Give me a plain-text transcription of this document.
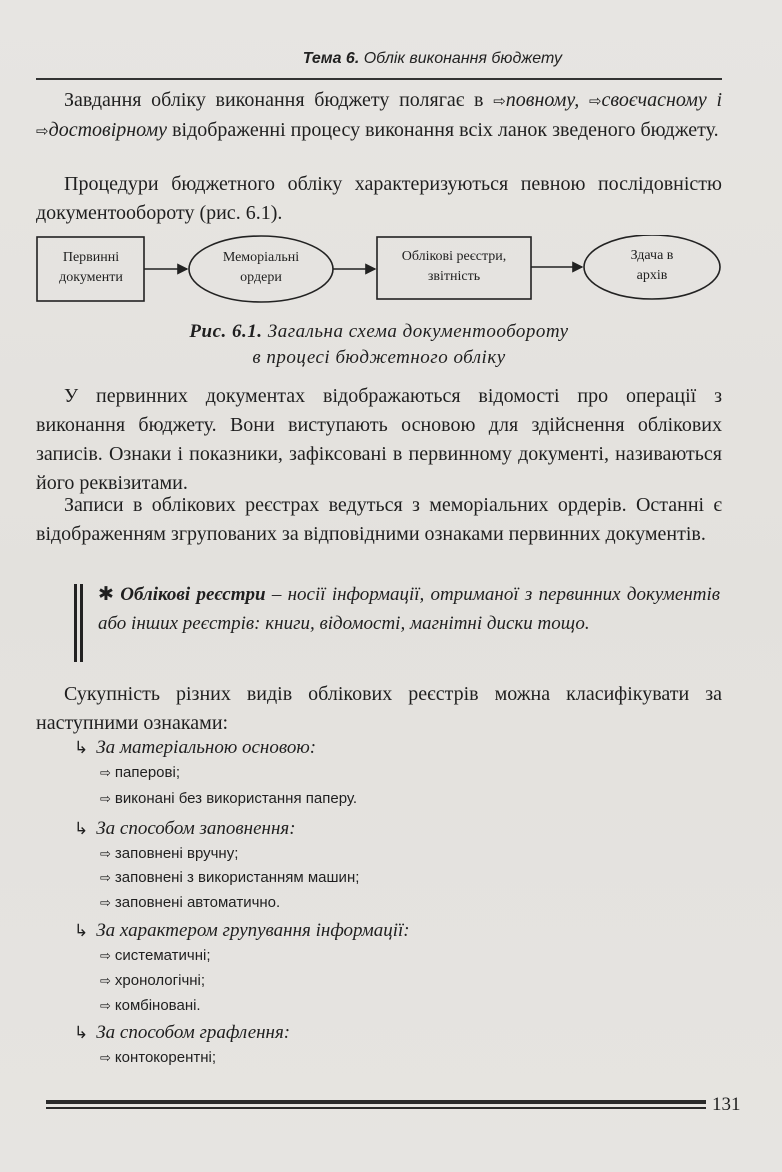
Тема 6. Облік виконання бюджету

Завдання обліку виконання бюджету полягає в ⇨повному, ⇨своєчасному і ⇨достовірному відображенні процесу виконання всіх ланок зведеного бюджету.

Процедури бюджетного обліку характеризуються певною послідовністю документообороту (рис. 6.1).

Первинні документи
Меморіальні ордери
Облікові реєстри, звітність
Здача в архів
Рис. 6.1. Загальна схема документообороту
в процесі бюджетного обліку

У первинних документах відображаються відомості про операції з виконання бюджету. Вони виступають основою для здійснення облікових записів. Ознаки і показники, зафіксовані в первинному документі, називаються його реквізитами.

Записи в облікових реєстрах ведуться з меморіальних ордерів. Останні є відображенням згрупованих за відповідними ознаками первинних документів.

✱ Облікові реєстри – носії інформації, отриманої з первинних документів або інших реєстрів: книги, відомості, магнітні диски тощо.

Сукупність різних видів облікових реєстрів можна класифікувати за наступними ознаками:

↳ За матеріальною основою:
⇨ паперові;
⇨ виконані без використання паперу.
↳ За способом заповнення:
⇨ заповнені вручну;
⇨ заповнені з використанням машин;
⇨ заповнені автоматично.
↳ За характером групування інформації:
⇨ систематичні;
⇨ хронологічні;
⇨ комбіновані.
↳ За способом графлення:
⇨ контокорентні;
131
